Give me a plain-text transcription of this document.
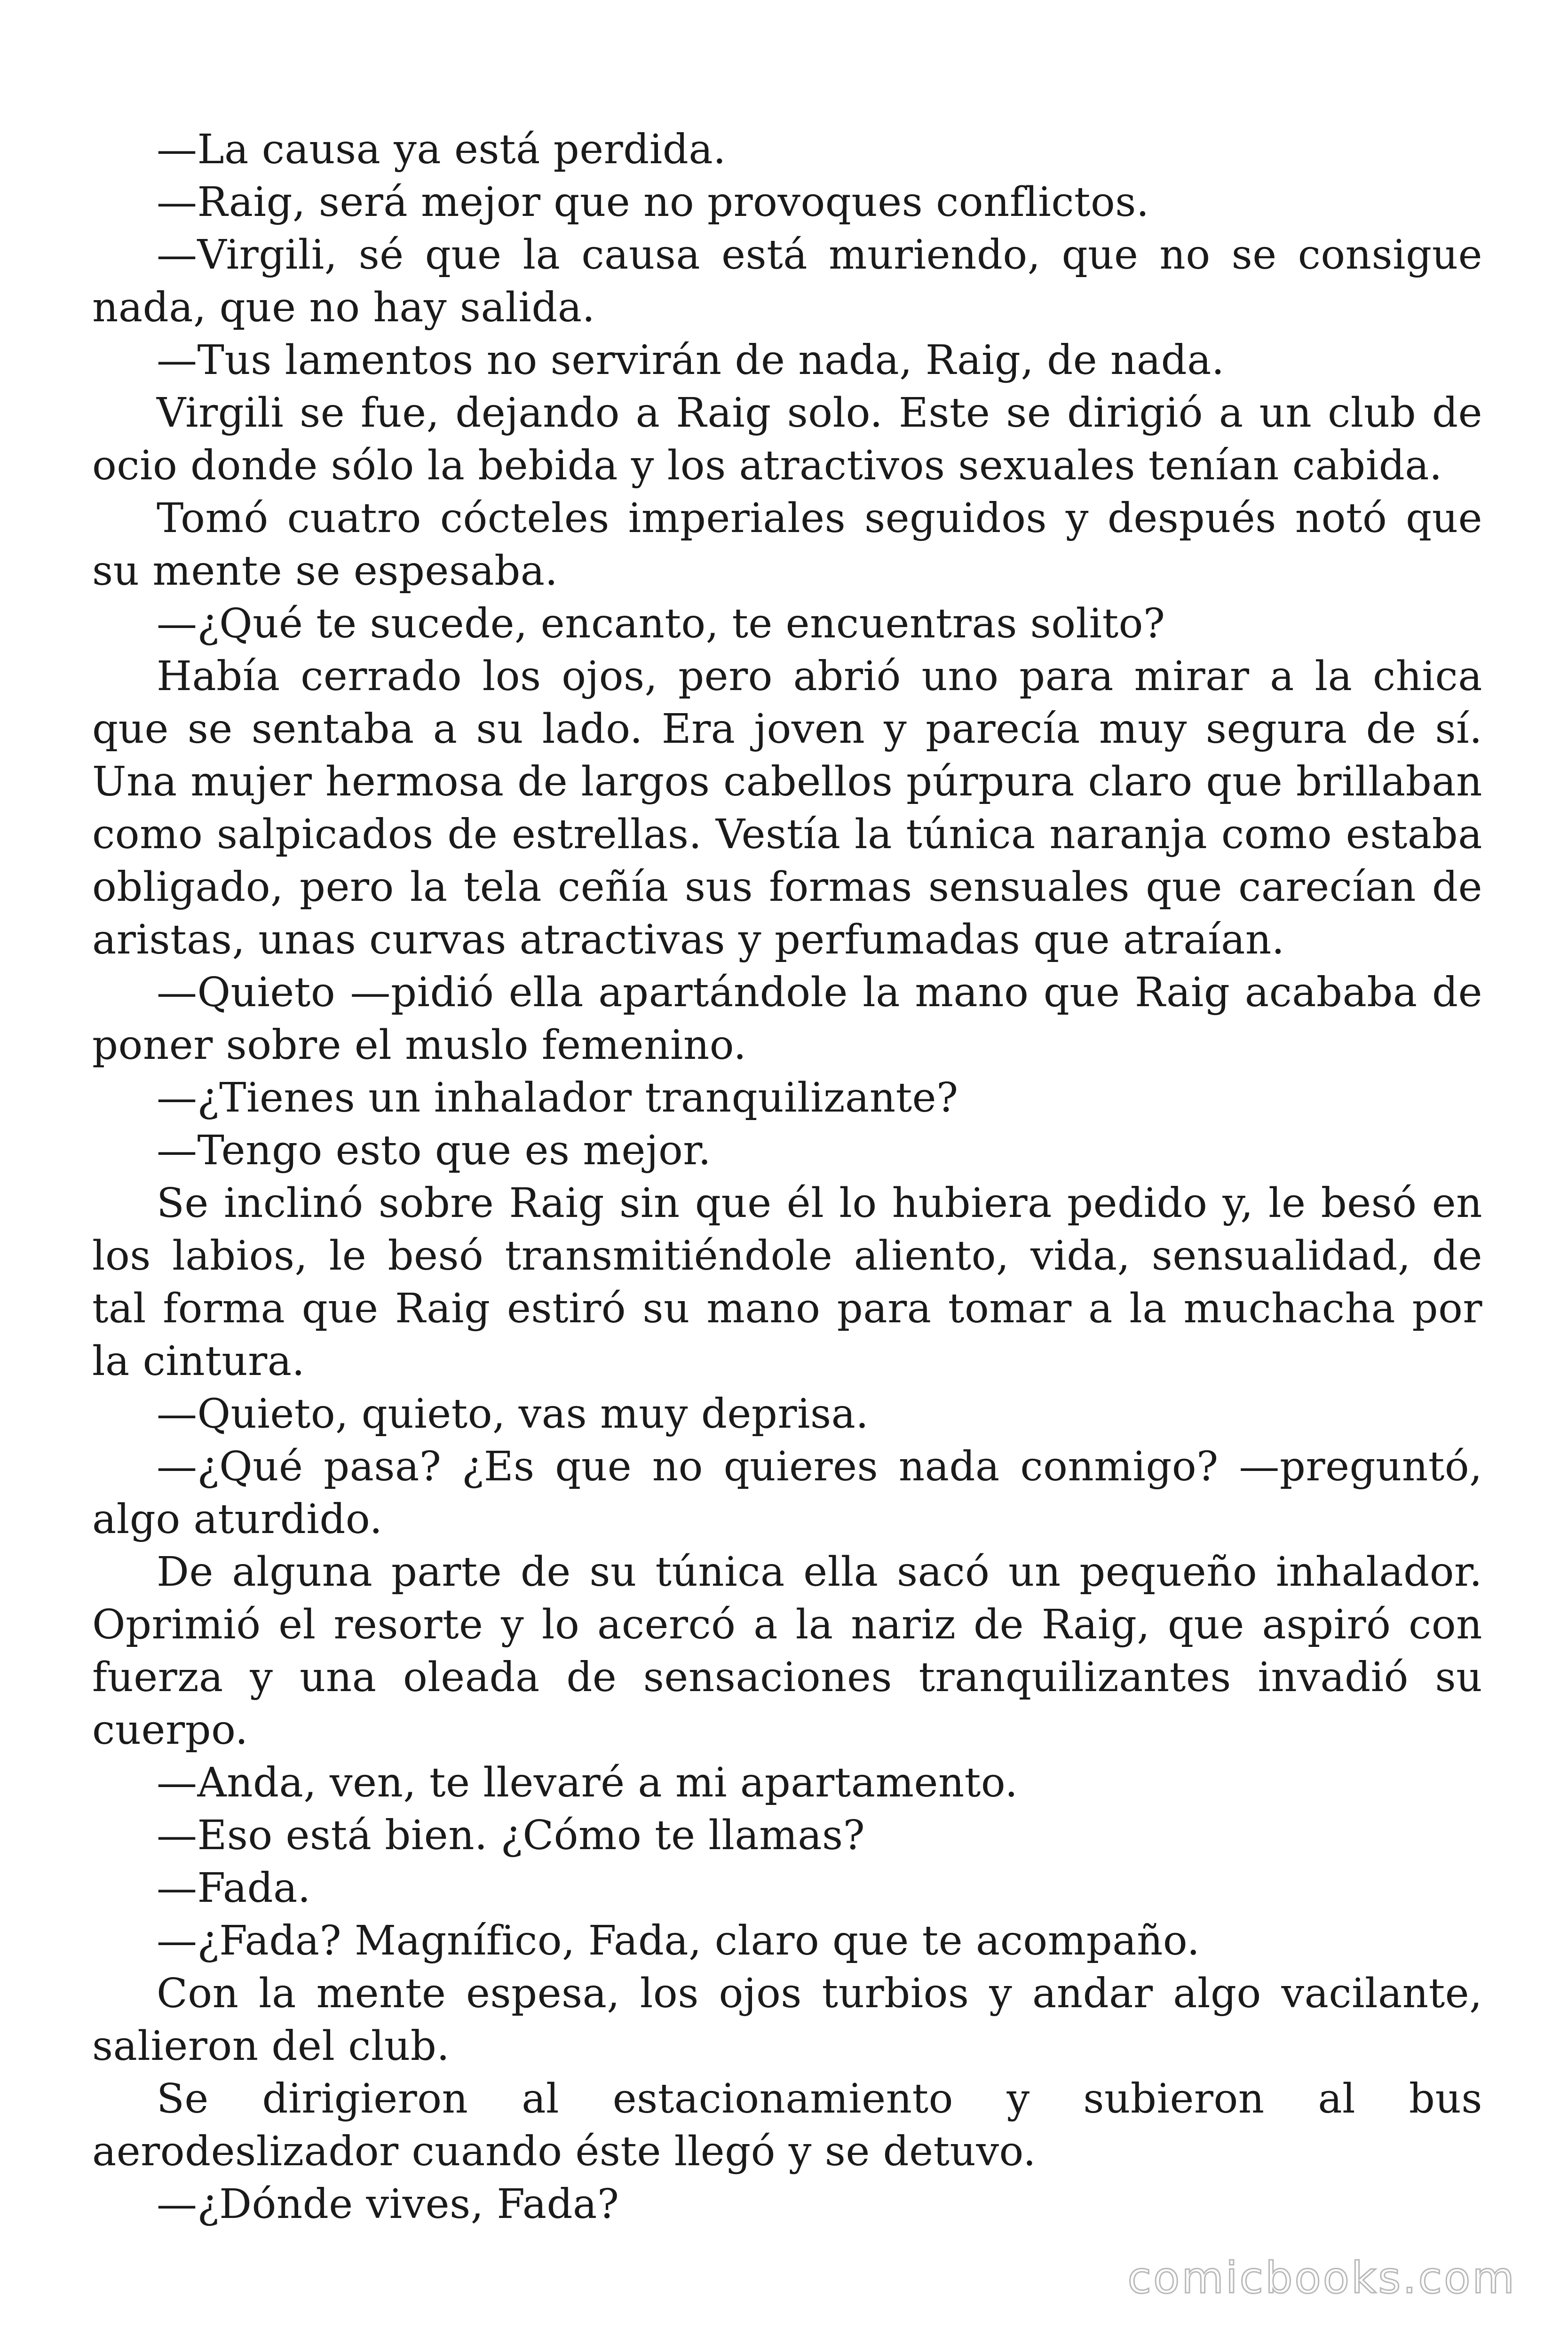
—La causa ya está perdida.

—Raig, será mejor que no provoques conflictos.

—Virgili, sé que la causa está muriendo, que no se consigue nada, que no hay salida.

—Tus lamentos no servirán de nada, Raig, de nada.

Virgili se fue, dejando a Raig solo. Este se dirigió a un club de ocio donde sólo la bebida y los atractivos sexuales tenían cabida.

Tomó cuatro cócteles imperiales seguidos y después notó que su mente se espesaba.

—¿Qué te sucede, encanto, te encuentras solito?

Había cerrado los ojos, pero abrió uno para mirar a la chica que se sentaba a su lado. Era joven y parecía muy segura de sí. Una mujer hermosa de largos cabellos púrpura claro que brillaban como salpicados de estrellas. Vestía la túnica naranja como estaba obligado, pero la tela ceñía sus formas sensuales que carecían de aristas, unas curvas atractivas y perfumadas que atraían.

—Quieto —pidió ella apartándole la mano que Raig acababa de poner sobre el muslo femenino.

—¿Tienes un inhalador tranquilizante?

—Tengo esto que es mejor.

Se inclinó sobre Raig sin que él lo hubiera pedido y, le besó en los labios, le besó transmitiéndole aliento, vida, sensualidad, de tal forma que Raig estiró su mano para tomar a la muchacha por la cintura.

—Quieto, quieto, vas muy deprisa.

—¿Qué pasa? ¿Es que no quieres nada conmigo? —preguntó, algo aturdido.

De alguna parte de su túnica ella sacó un pequeño inhalador. Oprimió el resorte y lo acercó a la nariz de Raig, que aspiró con fuerza y una oleada de sensaciones tranquilizantes invadió su cuerpo.

—Anda, ven, te llevaré a mi apartamento.

—Eso está bien. ¿Cómo te llamas?

—Fada.

—¿Fada? Magnífico, Fada, claro que te acompaño.

Con la mente espesa, los ojos turbios y andar algo vacilante, salieron del club.

Se dirigieron al estacionamiento y subieron al bus aerodeslizador cuando éste llegó y se detuvo.

—¿Dónde vives, Fada?

comicbooks.com
